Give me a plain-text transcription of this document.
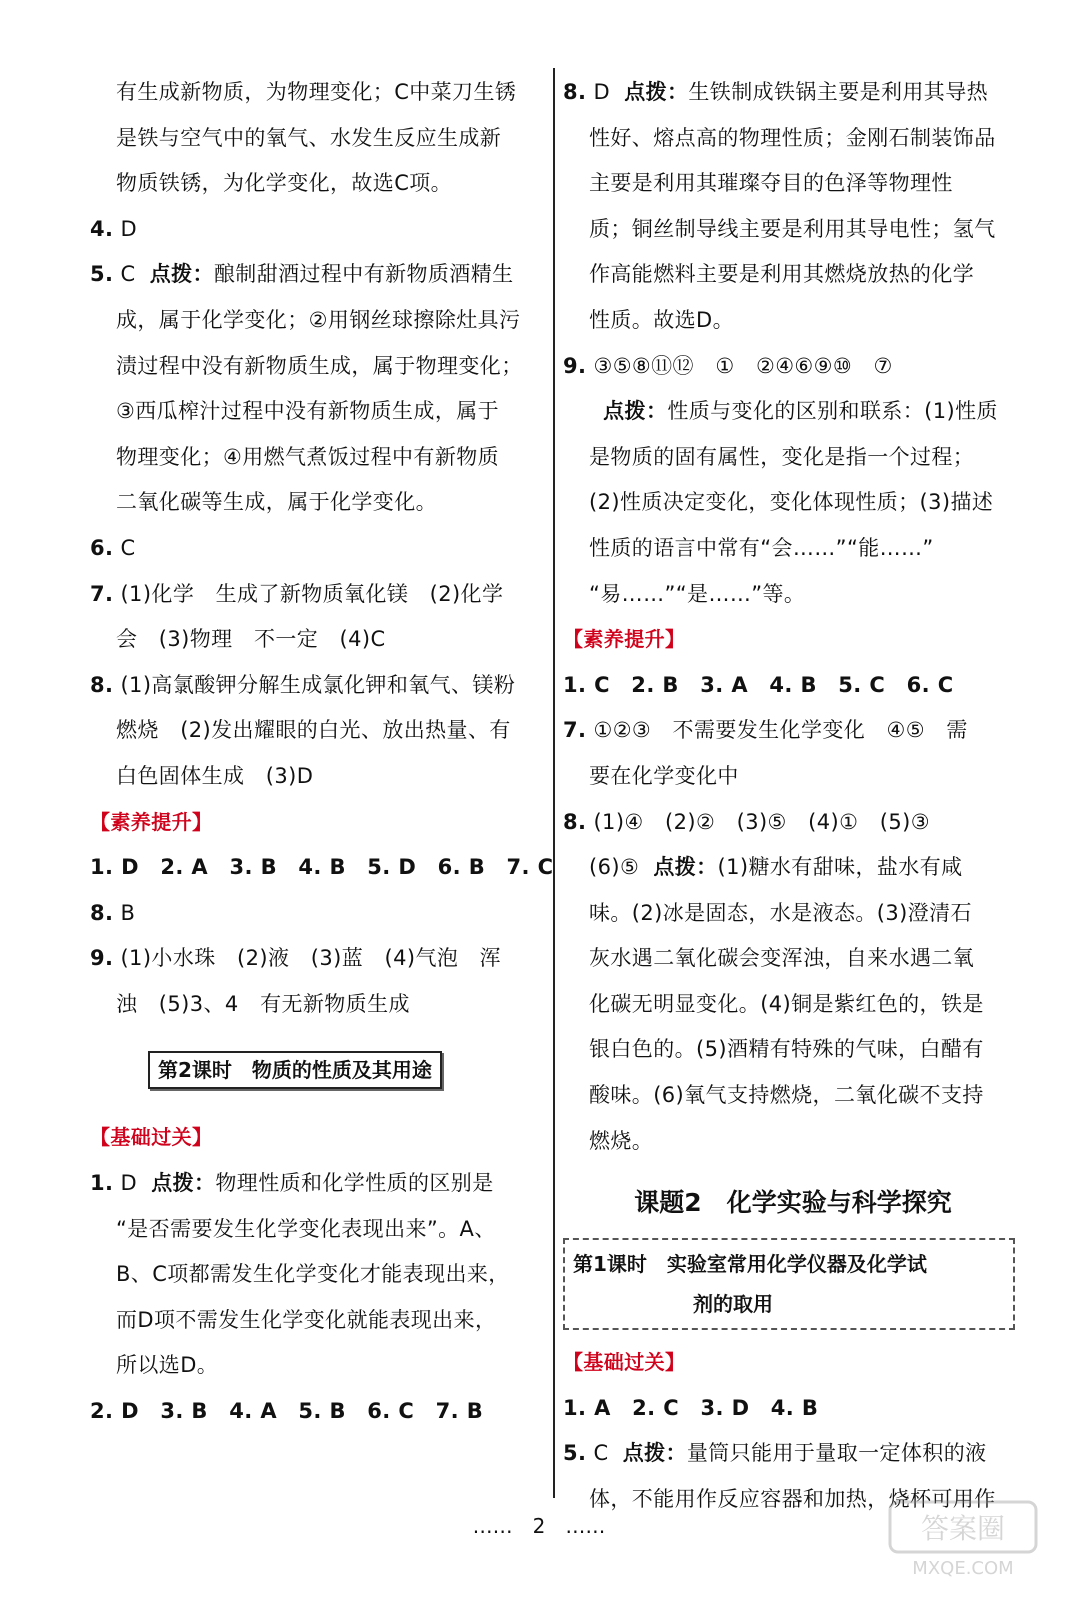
有生成新物质，为物理变化；C中菜刀生锈
是铁与空气中的氧气、水发生反应生成新
物质铁锈，为化学变化，故选C项。
4. D
5. C 点拨：酿制甜酒过程中有新物质酒精生
成，属于化学变化；②用钢丝球擦除灶具污
渍过程中没有新物质生成，属于物理变化；
③西瓜榨汁过程中没有新物质生成，属于
物理变化；④用燃气煮饭过程中有新物质
二氧化碳等生成，属于化学变化。
6. C
7. (1)化学　生成了新物质氧化镁　(2)化学
会　(3)物理　不一定　(4)C
8. (1)高氯酸钾分解生成氯化钾和氧气、镁粉
燃烧　(2)发出耀眼的白光、放出热量、有
白色固体生成　(3)D
【素养提升】
1. D　2. A　3. B　4. B　5. D　6. B　7. C
8. B
9. (1)小水珠　(2)液　(3)蓝　(4)气泡　浑
浊　(5)3、4　有无新物质生成
第2课时　物质的性质及其用途
【基础过关】
1. D 点拨：物理性质和化学性质的区别是
“是否需要发生化学变化表现出来”。A、
B、C项都需发生化学变化才能表现出来，
而D项不需发生化学变化就能表现出来，
所以选D。
2. D　3. B　4. A　5. B　6. C　7. B
8. D 点拨：生铁制成铁锅主要是利用其导热
性好、熔点高的物理性质；金刚石制装饰品
主要是利用其璀璨夺目的色泽等物理性
质；铜丝制导线主要是利用其导电性；氢气
作高能燃料主要是利用其燃烧放热的化学
性质。故选D。
9. ③⑤⑧⑪⑫　①　②④⑥⑨⑩　⑦
点拨：性质与变化的区别和联系：(1)性质
是物质的固有属性，变化是指一个过程；
(2)性质决定变化，变化体现性质；(3)描述
性质的语言中常有“会……”“能……”
“易……”“是……”等。
【素养提升】
1. C　2. B　3. A　4. B　5. C　6. C
7. ①②③　不需要发生化学变化　④⑤　需
要在化学变化中
8. (1)④　(2)②　(3)⑤　(4)①　(5)③
(6)⑤ 点拨：(1)糖水有甜味，盐水有咸
味。(2)冰是固态，水是液态。(3)澄清石
灰水遇二氧化碳会变浑浊，自来水遇二氧
化碳无明显变化。(4)铜是紫红色的，铁是
银白色的。(5)酒精有特殊的气味，白醋有
酸味。(6)氧气支持燃烧，二氧化碳不支持
燃烧。
课题2　化学实验与科学探究
第1课时　实验室常用化学仪器及化学试
剂的取用
【基础过关】
1. A　2. C　3. D　4. B
5. C 点拨：量筒只能用于量取一定体积的液
体，不能用作反应容器和加热，烧杯可用作
……　2　……	答案圈
MXQE.COM
